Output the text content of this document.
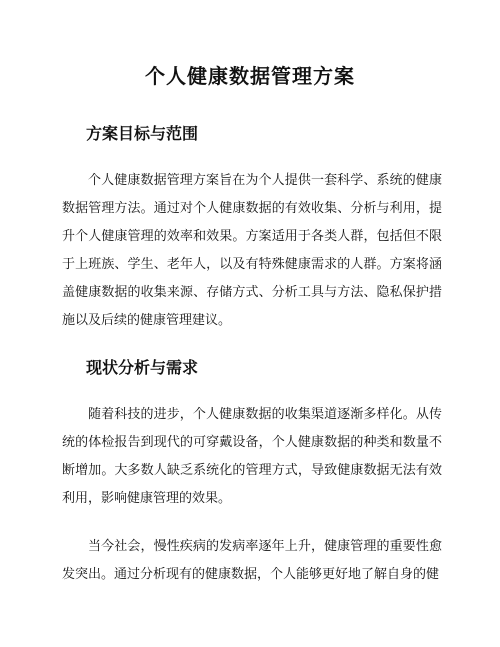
个人健康数据管理方案
方案目标与范围
个人健康数据管理方案旨在为个人提供一套科学、系统的健康数据管理方法。通过对个人健康数据的有效收集、分析与利用，提升个人健康管理的效率和效果。方案适用于各类人群，包括但不限于上班族、学生、老年人，以及有特殊健康需求的人群。方案将涵盖健康数据的收集来源、存储方式、分析工具与方法、隐私保护措施以及后续的健康管理建议。
现状分析与需求
随着科技的进步，个人健康数据的收集渠道逐渐多样化。从传统的体检报告到现代的可穿戴设备，个人健康数据的种类和数量不断增加。大多数人缺乏系统化的管理方式，导致健康数据无法有效利用，影响健康管理的效果。
当今社会，慢性疾病的发病率逐年上升，健康管理的重要性愈发突出。通过分析现有的健康数据，个人能够更好地了解自身的健
